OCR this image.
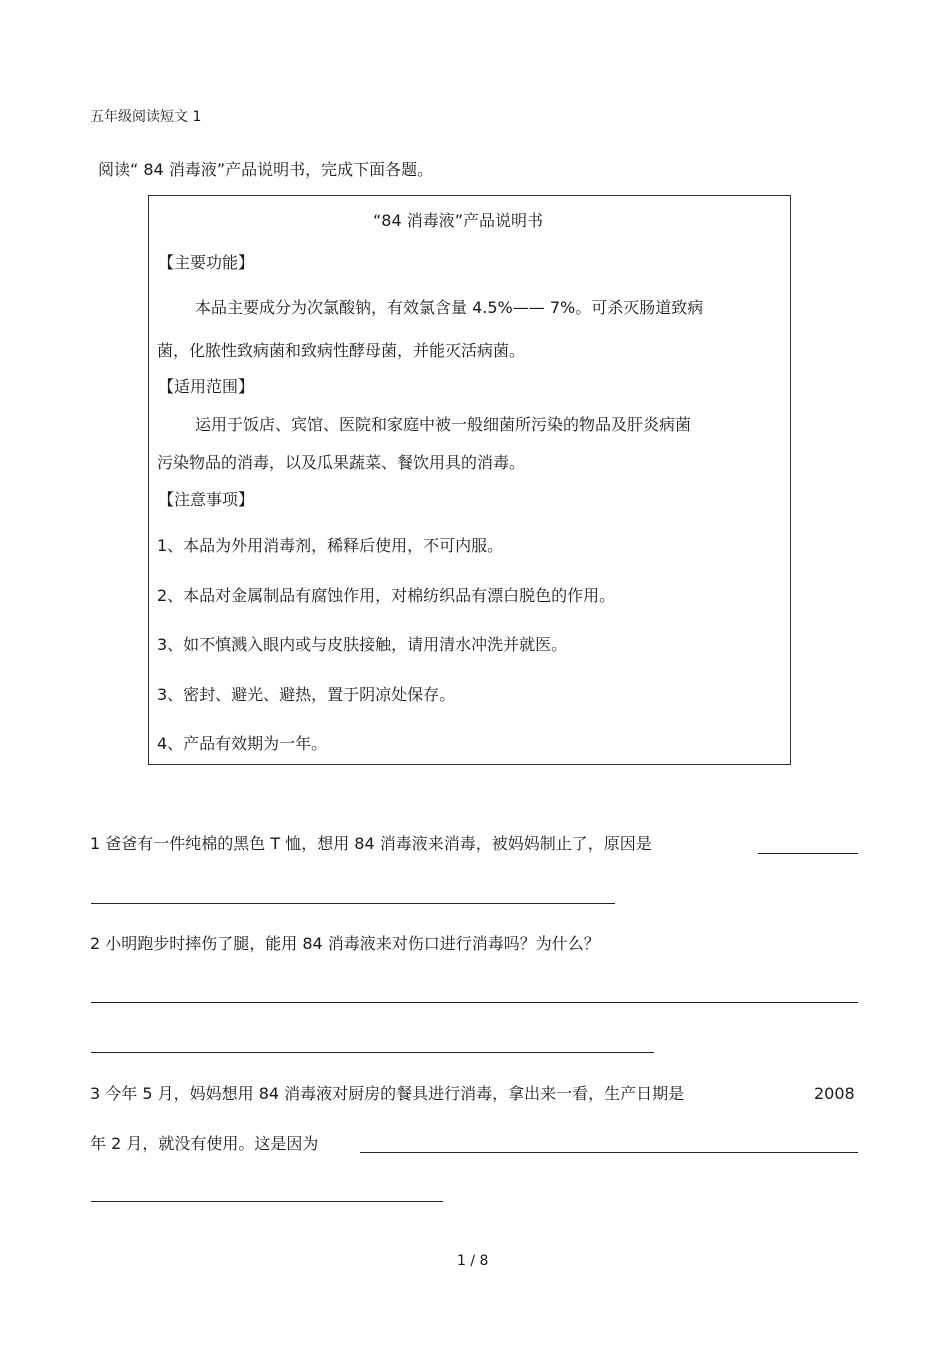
五年级阅读短文 1
阅读“ 84 消毒液”产品说明书，完成下面各题。
“84 消毒液”产品说明书
【主要功能】
本品主要成分为次氯酸钠，有效氯含量 4.5%—— 7%。可杀灭肠道致病
菌，化脓性致病菌和致病性酵母菌，并能灭活病菌。
【适用范围】
运用于饭店、宾馆、医院和家庭中被一般细菌所污染的物品及肝炎病菌
污染物品的消毒，以及瓜果蔬菜、餐饮用具的消毒。
【注意事项】
1、本品为外用消毒剂，稀释后使用，不可内服。
2、本品对金属制品有腐蚀作用，对棉纺织品有漂白脱色的作用。
3、如不慎溅入眼内或与皮肤接触，请用清水冲洗并就医。
3、密封、避光、避热，置于阴凉处保存。
4、产品有效期为一年。
1 爸爸有一件纯棉的黑色 T 恤，想用 84 消毒液来消毒，被妈妈制止了，原因是
2 小明跑步时摔伤了腿，能用 84 消毒液来对伤口进行消毒吗？为什么？
3 今年 5 月，妈妈想用 84 消毒液对厨房的餐具进行消毒，拿出来一看，生产日期是	2008
年 2 月，就没有使用。这是因为
1 / 8
